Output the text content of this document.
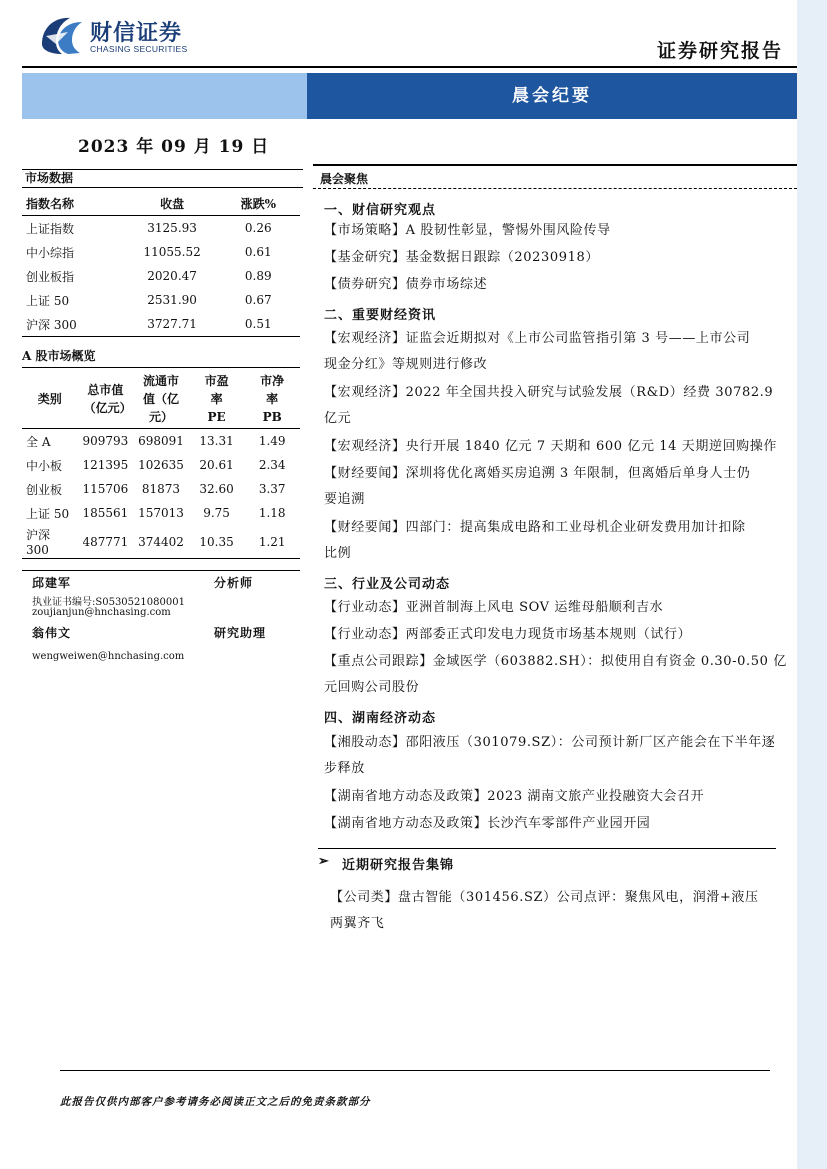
财信证券
CHASING SECURITIES	证券研究报告
晨会纪要
2023 年 09 月 19 日
市场数据
指数名称	收盘	涨跌%
上证指数	3125.93	0.26
中小综指	11055.52	0.61
创业板指	2020.47	0.89
上证 50	2531.90	0.67
沪深 300	3727.71	0.51
A 股市场概览
类别	总市值（亿元）	流通市值（亿元）	市盈率 PE	市净率 PB
全 A	909793	698091	13.31	1.49
中小板	121395	102635	20.61	2.34
创业板	115706	81873	32.60	3.37
上证 50	185561	157013	9.75	1.18
沪深 300	487771	374402	10.35	1.21
邱建军	分析师
执业证书编号:S0530521080001
zoujianjun@hnchasing.com
翁伟文	研究助理
wengweiwen@hnchasing.com
晨会聚焦
一、财信研究观点
【市场策略】A 股韧性彰显，警惕外围风险传导
【基金研究】基金数据日跟踪（20230918）
【债券研究】债券市场综述
二、重要财经资讯
【宏观经济】证监会近期拟对《上市公司监管指引第 3 号——上市公司
现金分红》等规则进行修改
【宏观经济】2022 年全国共投入研究与试验发展（R&D）经费 30782.9
亿元
【宏观经济】央行开展 1840 亿元 7 天期和 600 亿元 14 天期逆回购操作
【财经要闻】深圳将优化离婚买房追溯 3 年限制，但离婚后单身人士仍
要追溯
【财经要闻】四部门：提高集成电路和工业母机企业研发费用加计扣除
比例
三、行业及公司动态
【行业动态】亚洲首制海上风电 SOV 运维母船顺利吉水
【行业动态】两部委正式印发电力现货市场基本规则（试行）
【重点公司跟踪】金域医学（603882.SH）：拟使用自有资金 0.30-0.50 亿
元回购公司股份
四、湖南经济动态
【湘股动态】邵阳液压（301079.SZ）：公司预计新厂区产能会在下半年逐
步释放
【湖南省地方动态及政策】2023 湖南文旅产业投融资大会召开
【湖南省地方动态及政策】长沙汽车零部件产业园开园
➢ 近期研究报告集锦
【公司类】盘古智能（301456.SZ）公司点评：聚焦风电，润滑+液压
两翼齐飞
此报告仅供内部客户参考请务必阅读正文之后的免责条款部分
